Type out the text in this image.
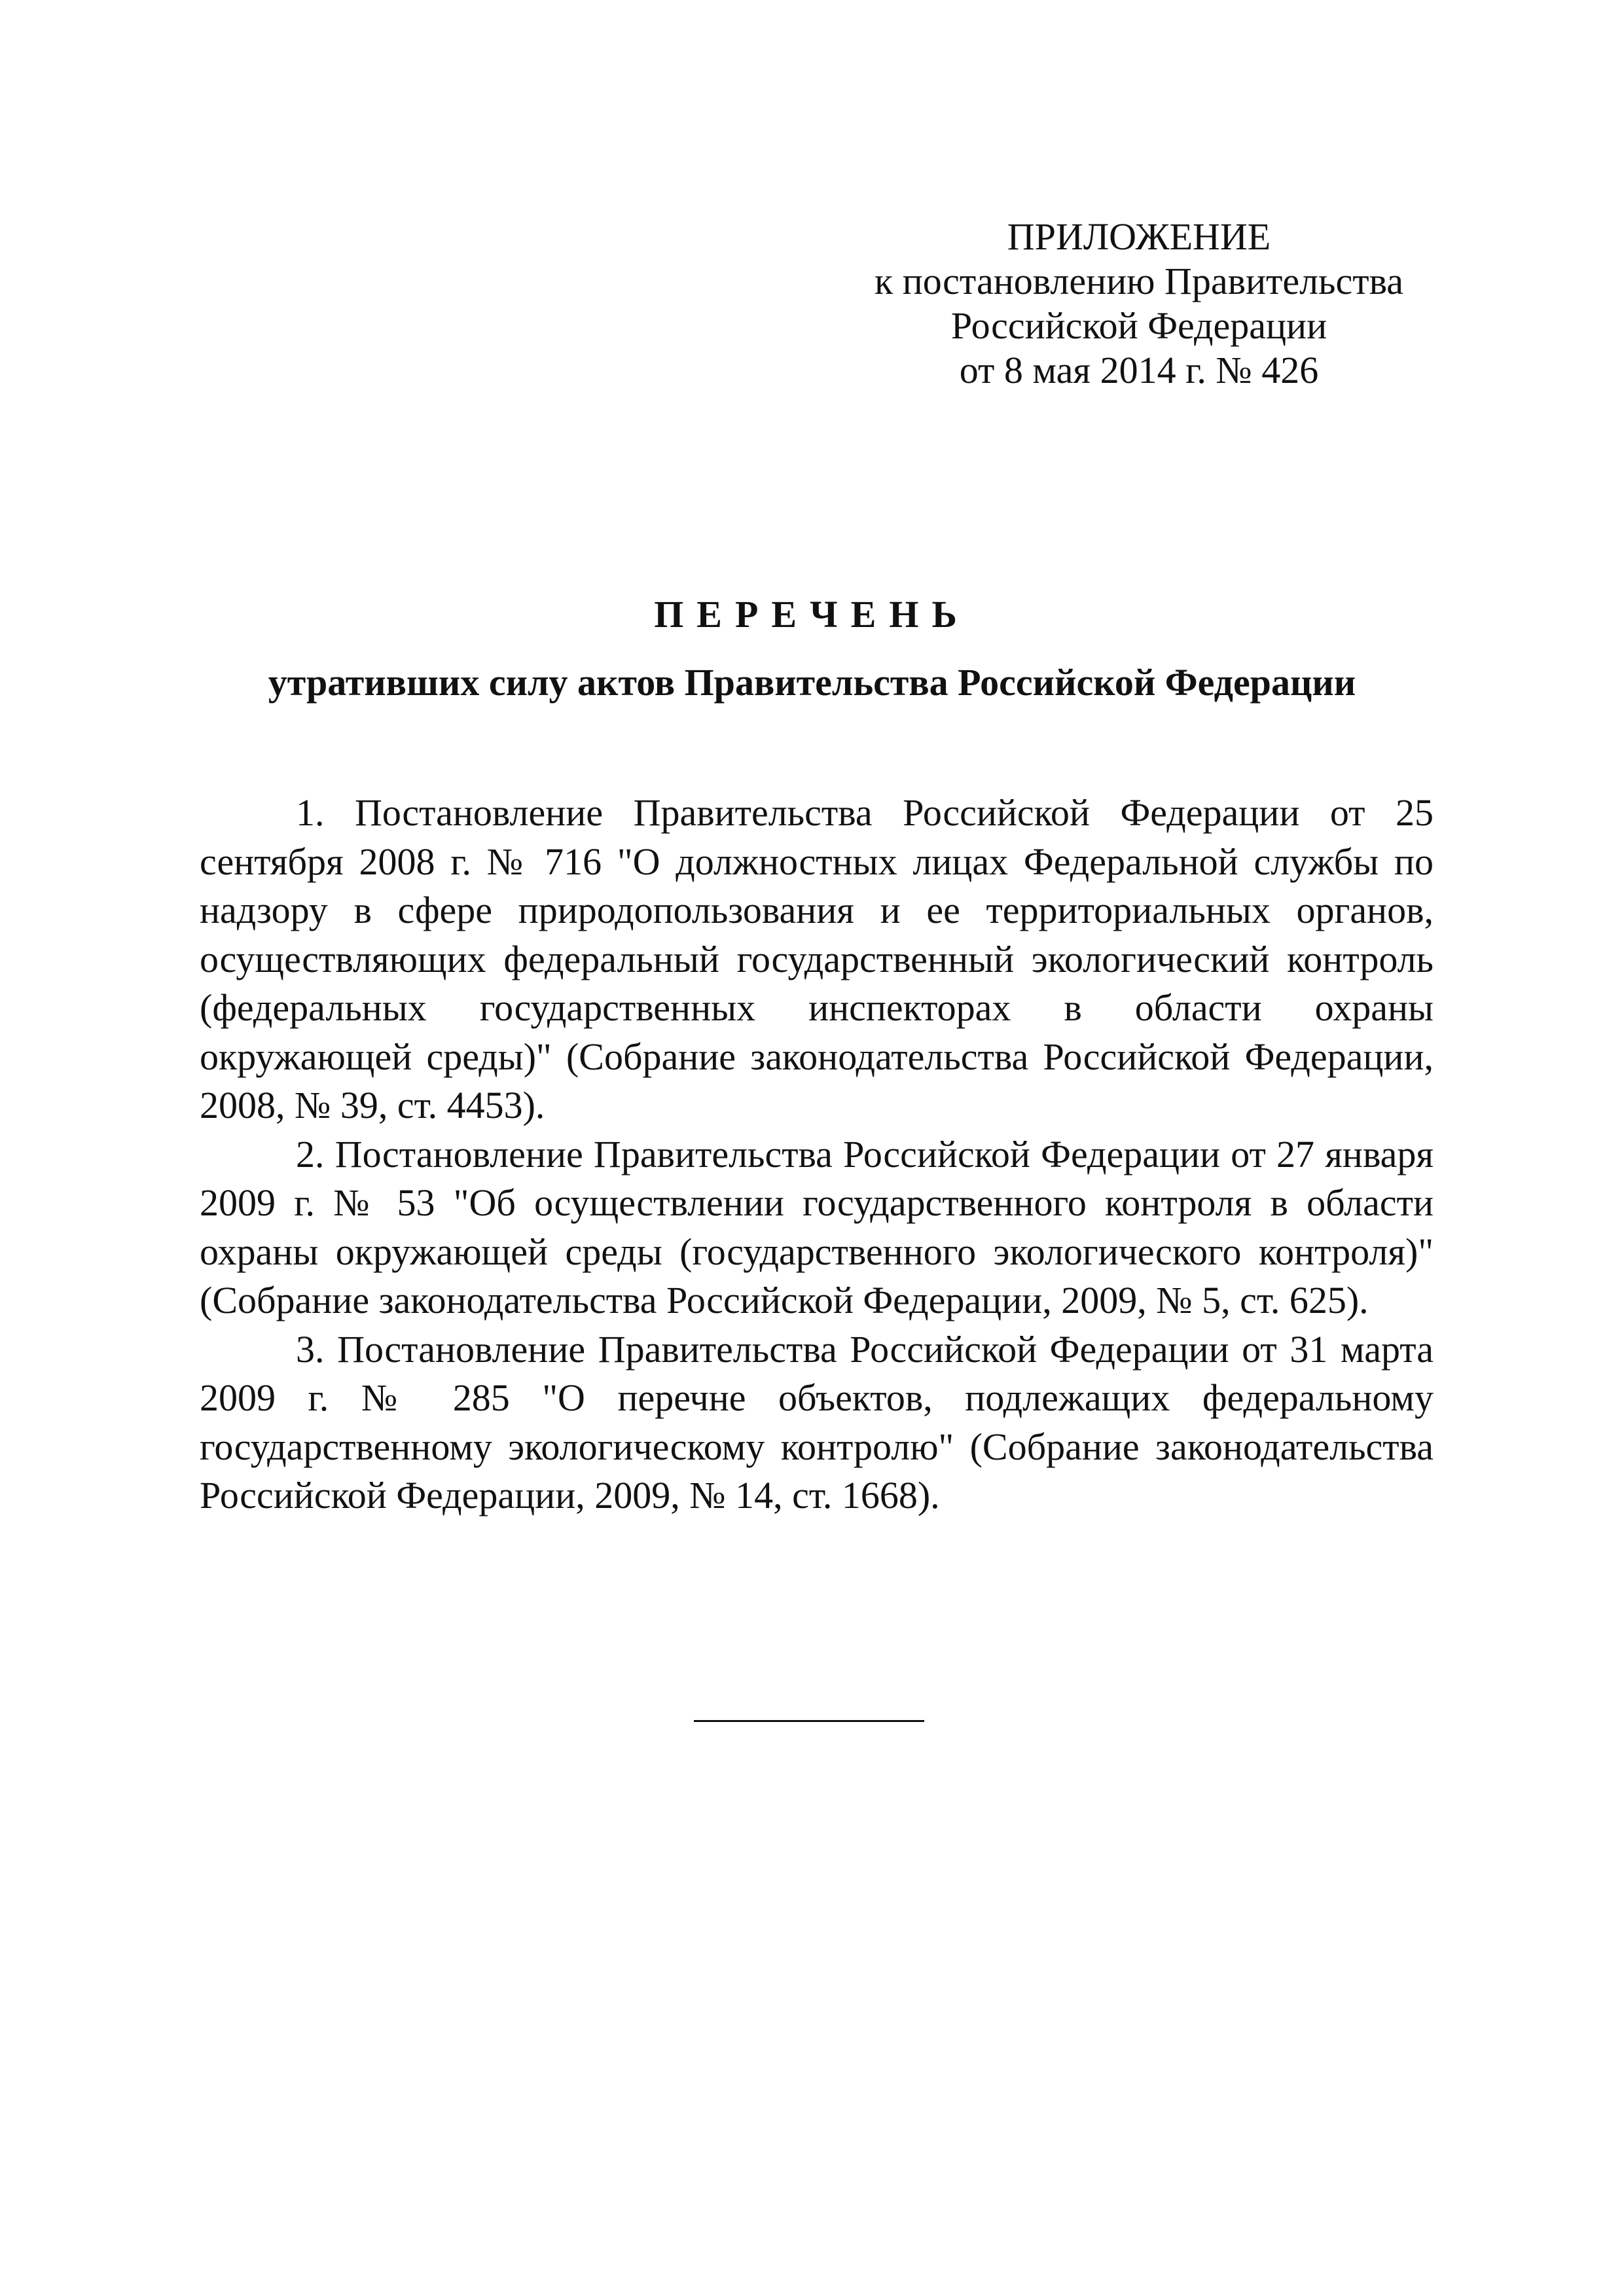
ПРИЛОЖЕНИЕ
к постановлению Правительства
Российской Федерации
от 8 мая 2014 г. № 426
ПЕРЕЧЕНЬ
утративших силу актов Правительства Российской Федерации

1. Постановление Правительства Российской Федерации от 25 сентября 2008 г. № 716 "О должностных лицах Федеральной службы по надзору в сфере природопользования и ее территориальных органов, осуществляющих федеральный государственный экологический контроль (федеральных государственных инспекторах в области охраны окружающей среды)" (Собрание законодательства Российской Федерации, 2008, № 39, ст. 4453).

2. Постановление Правительства Российской Федерации от 27 января 2009 г. № 53 "Об осуществлении государственного контроля в области охраны окружающей среды (государственного экологического контроля)" (Собрание законодательства Российской Федерации, 2009, № 5, ст. 625).

3. Постановление Правительства Российской Федерации от 31 марта 2009 г. № 285 "О перечне объектов, подлежащих федеральному государственному экологическому контролю" (Собрание законодательства Российской Федерации, 2009, № 14, ст. 1668).
